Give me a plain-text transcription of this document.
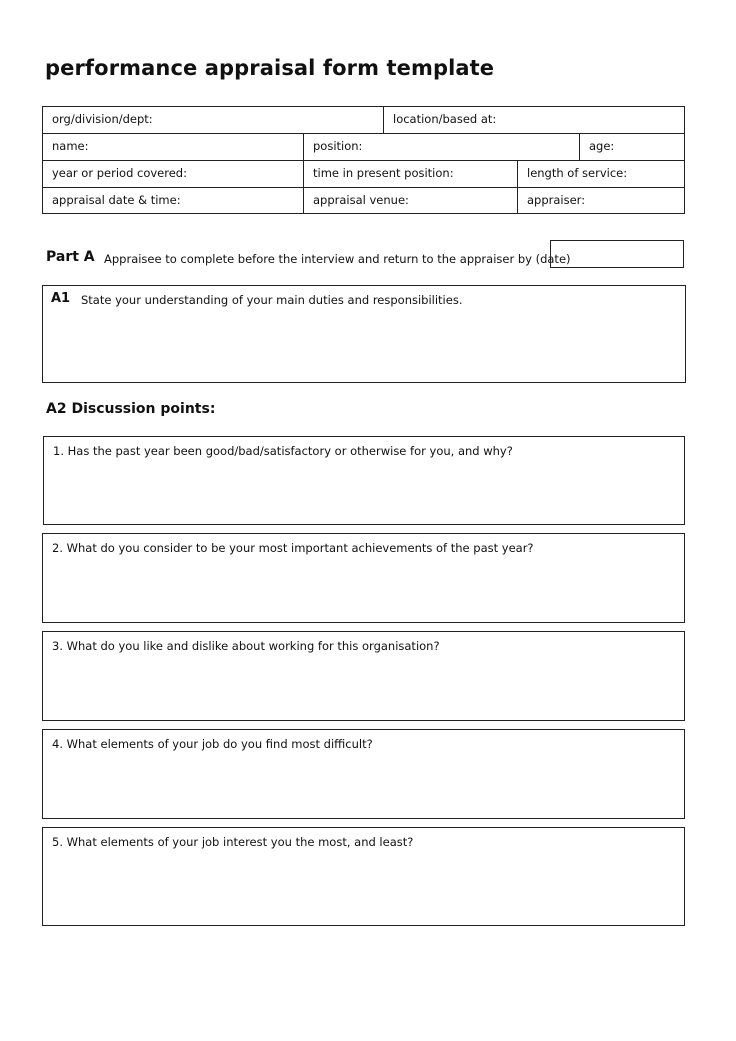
performance appraisal form template
org/division/dept:	location/based at:
name:	position:	age:
year or period covered:	time in present position:	length of service:
appraisal date & time:	appraisal venue:	appraiser:
Part A Appraisee to complete before the interview and return to the appraiser by (date)
A1 State your understanding of your main duties and responsibilities.
A2 Discussion points:
1. Has the past year been good/bad/satisfactory or otherwise for you, and why?
2. What do you consider to be your most important achievements of the past year?
3. What do you like and dislike about working for this organisation?
4. What elements of your job do you find most difficult?
5. What elements of your job interest you the most, and least?
